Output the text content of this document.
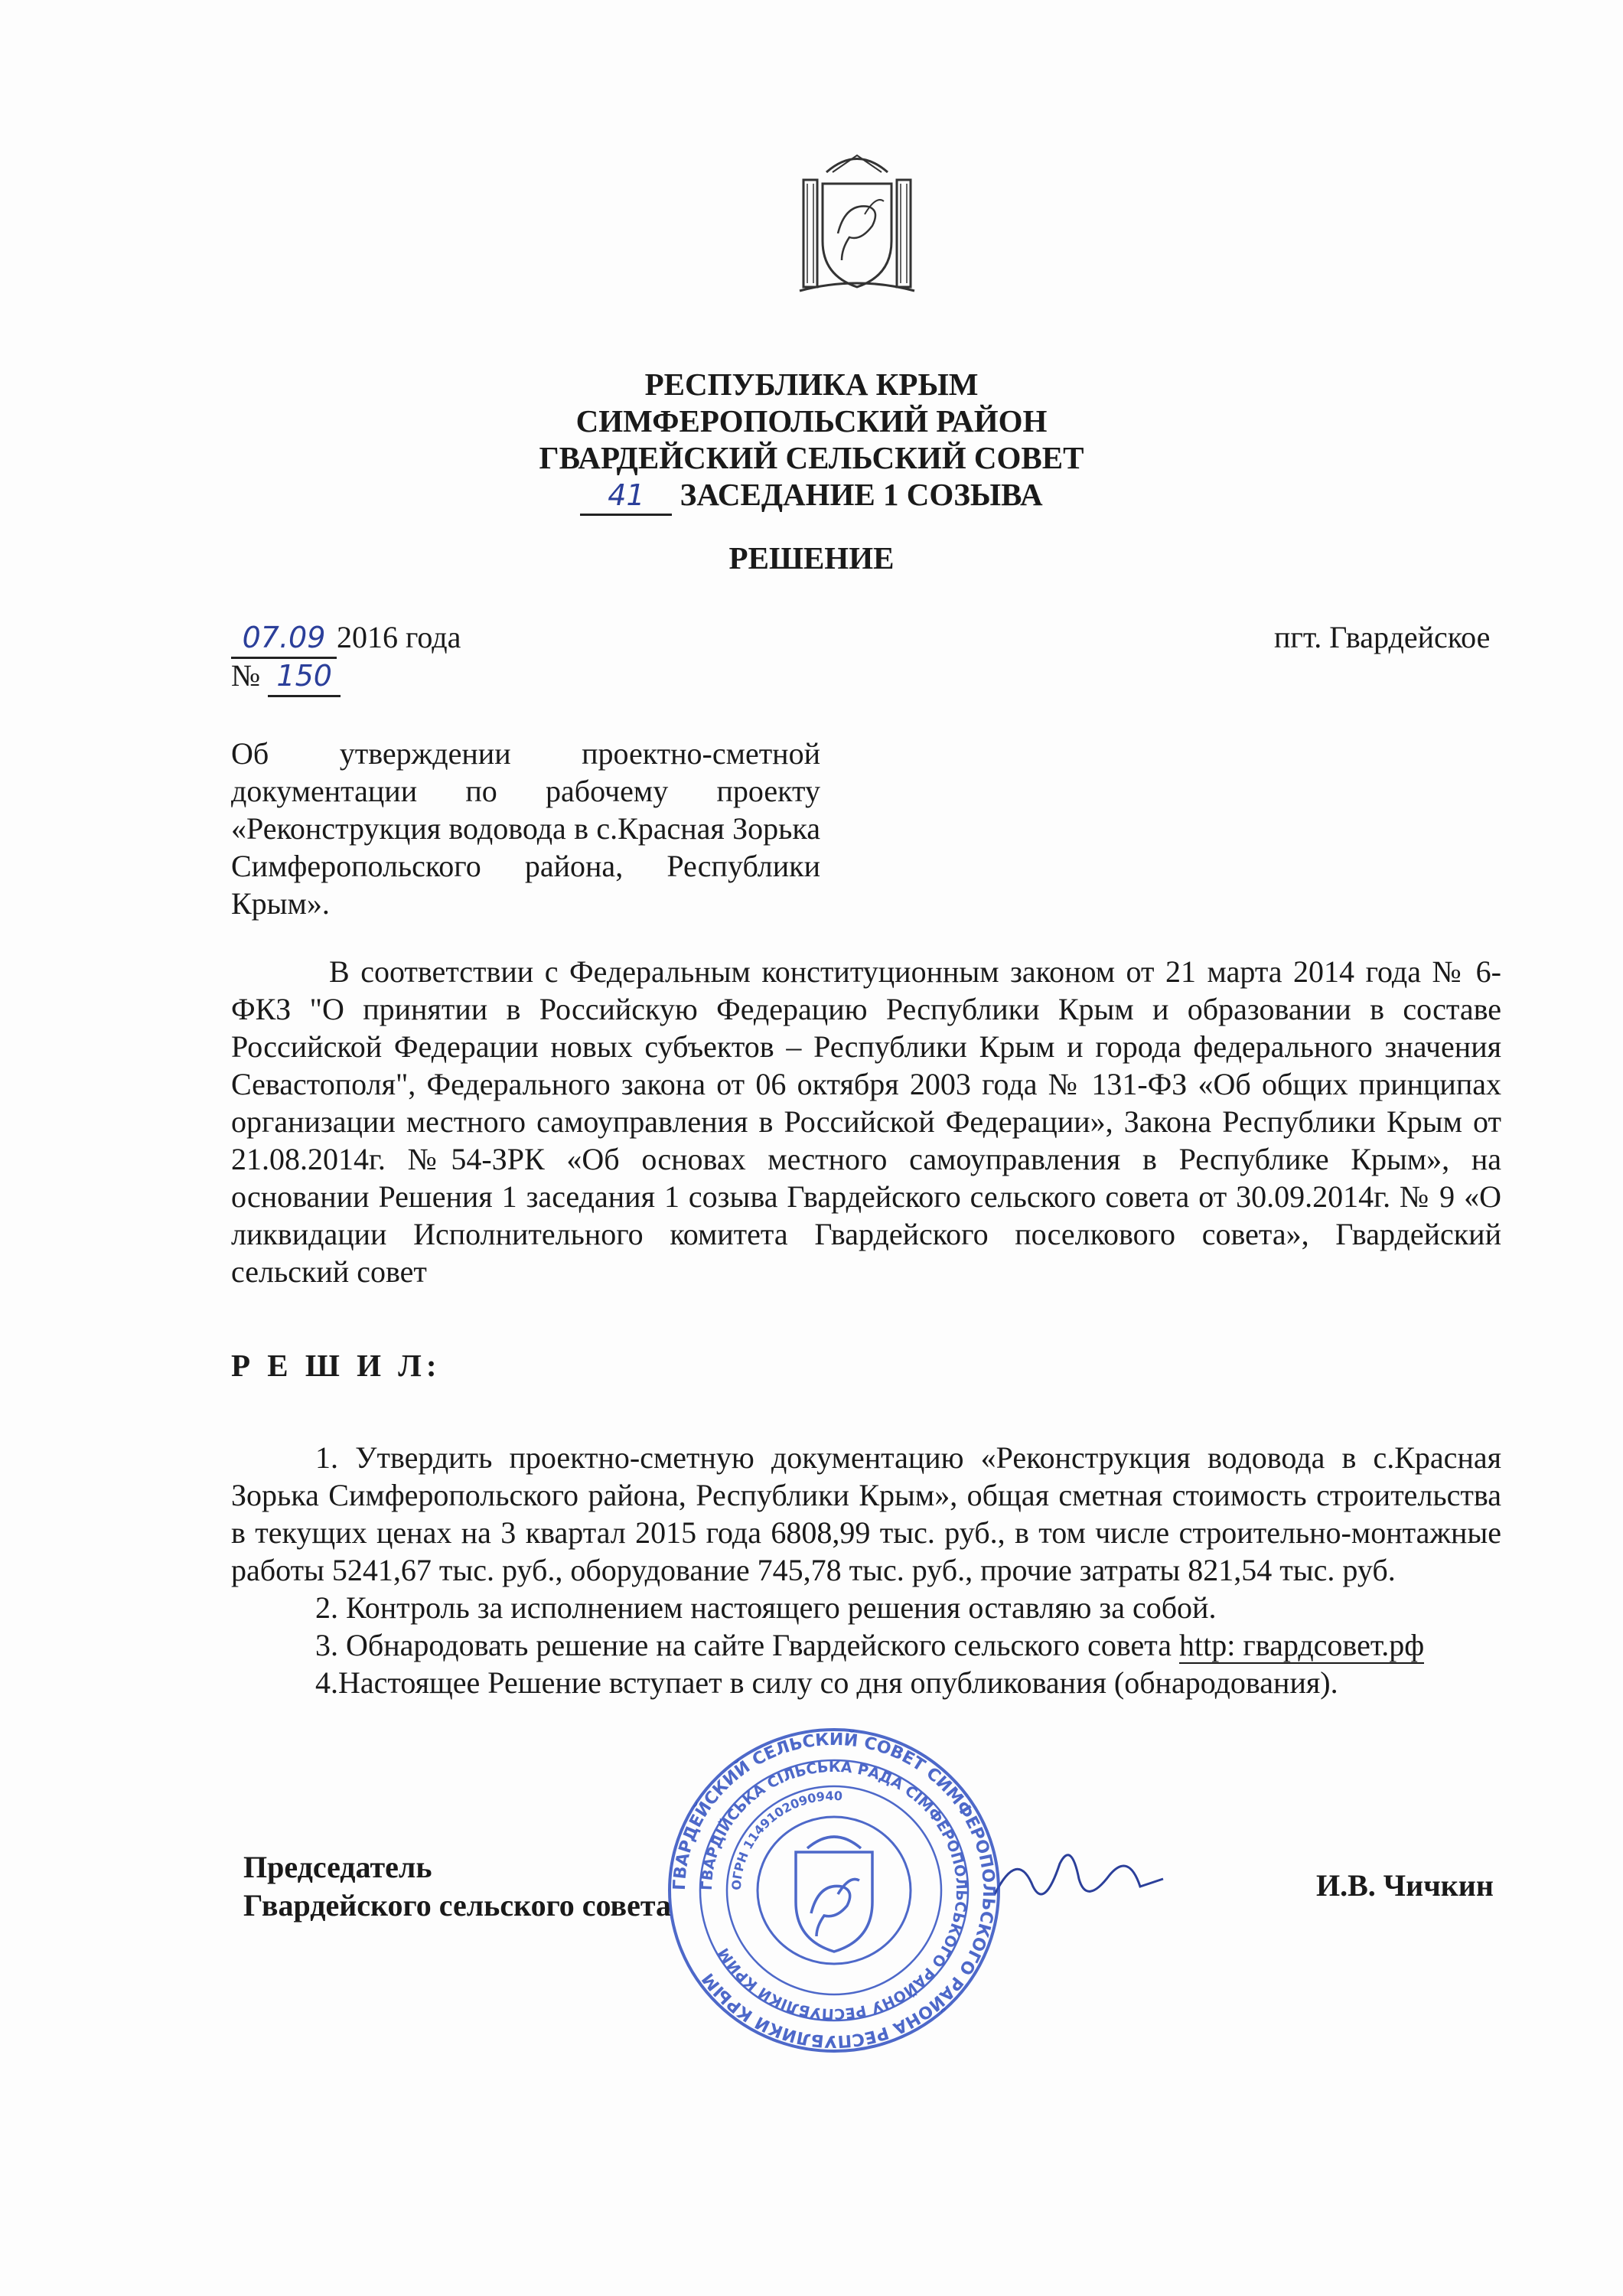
РЕСПУБЛИКА КРЫМ
СИМФЕРОПОЛЬСКИЙ РАЙОН
ГВАРДЕЙСКИЙ СЕЛЬСКИЙ СОВЕТ
41 ЗАСЕДАНИЕ 1 СОЗЫВА
РЕШЕНИЕ
07.09 2016 года
№ 150
пгт. Гвардейское
Об утверждении проектно-сметной документации по рабочему проекту «Реконструкция водовода в с.Красная Зорька Симферопольского района, Республики Крым».
В соответствии с Федеральным конституционным законом от 21 марта 2014 года № 6-ФКЗ "О принятии в Российскую Федерацию Республики Крым и образовании в составе Российской Федерации новых субъектов – Республики Крым и города федерального значения Севастополя", Федерального закона от 06 октября 2003 года № 131-ФЗ «Об общих принципах организации местного самоуправления в Российской Федерации», Закона Республики Крым от 21.08.2014г. №54-ЗРК «Об основах местного самоуправления в Республике Крым», на основании Решения 1 заседания 1 созыва Гвардейского сельского совета от 30.09.2014г. № 9 «О ликвидации Исполнительного комитета Гвардейского поселкового совета», Гвардейский сельский совет
Р Е Ш И Л:

1. Утвердить проектно-сметную документацию «Реконструкция водовода в с.Красная Зорька Симферопольского района, Республики Крым», общая сметная стоимость строительства в текущих ценах на 3 квартал 2015 года 6808,99 тыс. руб., в том числе строительно-монтажные работы 5241,67 тыс. руб., оборудование 745,78 тыс. руб., прочие затраты 821,54 тыс. руб.

2. Контроль за исполнением настоящего решения оставляю за собой.

3. Обнародовать решение на сайте Гвардейского сельского совета http: гвардсовет.рф

4.Настоящее Решение вступает в силу со дня опубликования (обнародования).

Председатель
Гвардейского сельского совета
И.В. Чичкин
ГВАРДЕЙСКИЙ СЕЛЬСКИЙ СОВЕТ СИМФЕРОПОЛЬСКОГО РАЙОНА РЕСПУБЛИКИ КРЫМ
ГВАРДІЙСЬКА СІЛЬСЬКА РАДА СІМФЕРОПОЛЬСЬКОГО РАЙОНУ РЕСПУБЛІКИ КРИМ
ОГРН 1149102090940
